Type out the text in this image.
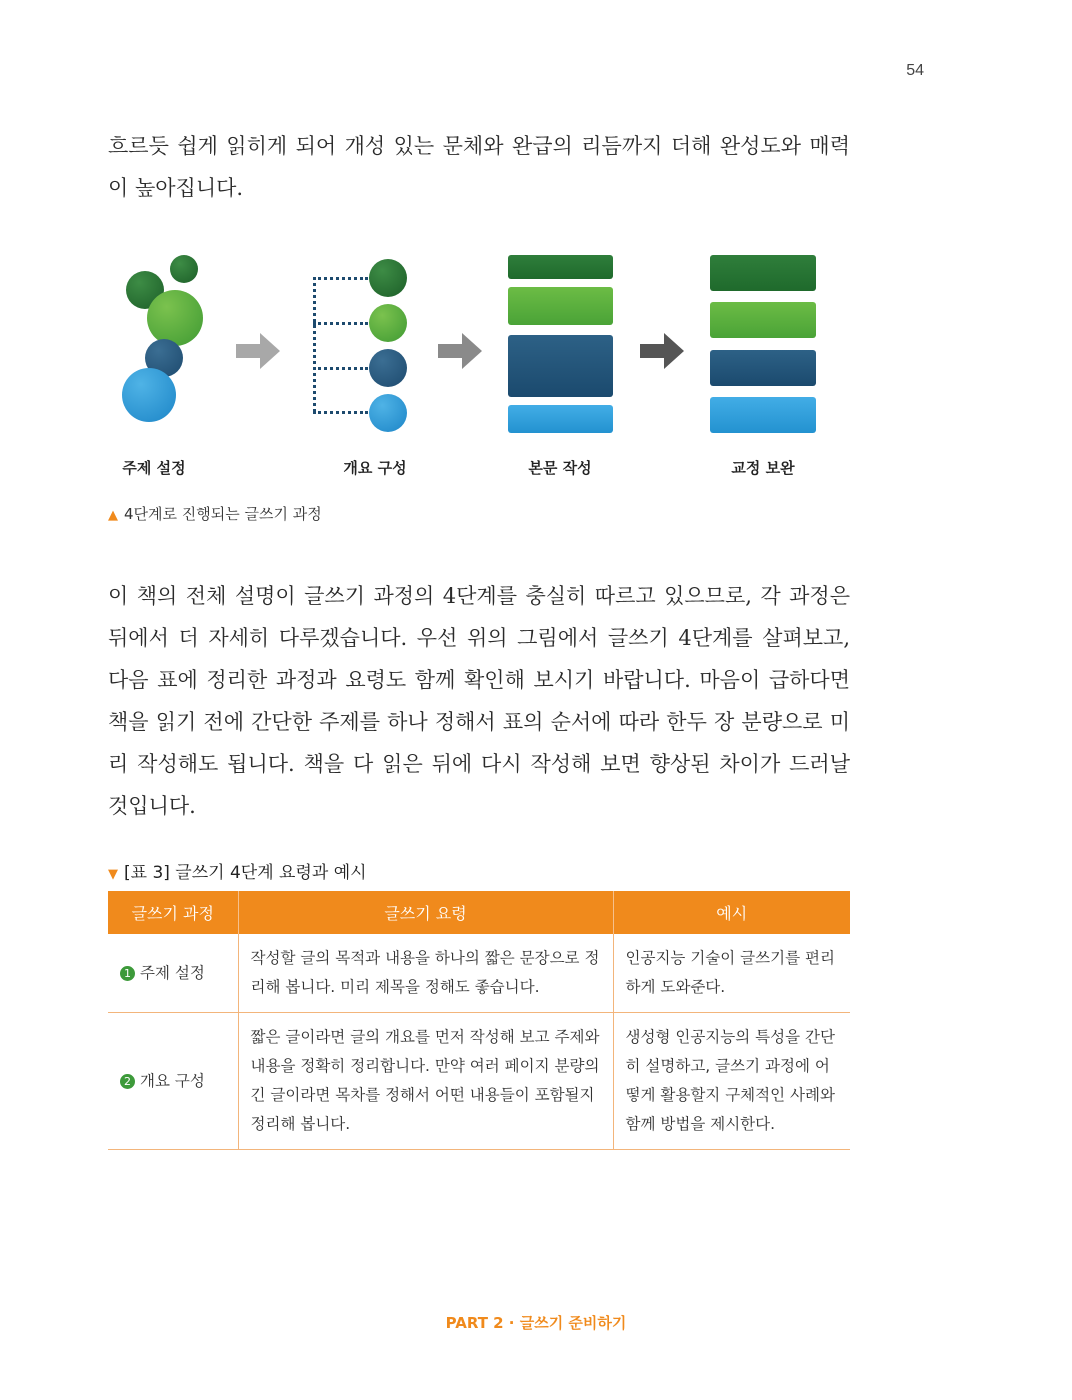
54

흐르듯 쉽게 읽히게 되어 개성 있는 문체와 완급의 리듬까지 더해 완성도와 매력이 높아집니다.

주제 설정	개요 구성	본문 작성	교정 보완
▲ 4단계로 진행되는 글쓰기 과정

이 책의 전체 설명이 글쓰기 과정의 4단계를 충실히 따르고 있으므로, 각 과정은 뒤에서 더 자세히 다루겠습니다. 우선 위의 그림에서 글쓰기 4단계를 살펴보고, 다음 표에 정리한 과정과 요령도 함께 확인해 보시기 바랍니다. 마음이 급하다면 책을 읽기 전에 간단한 주제를 하나 정해서 표의 순서에 따라 한두 장 분량으로 미리 작성해도 됩니다. 책을 다 읽은 뒤에 다시 작성해 보면 향상된 차이가 드러날 것입니다.

▼ [표 3] 글쓰기 4단계 요령과 예시
글쓰기 과정	글쓰기 요령	예시
1 주제 설정	작성할 글의 목적과 내용을 하나의 짧은 문장으로 정리해 봅니다. 미리 제목을 정해도 좋습니다.	인공지능 기술이 글쓰기를 편리하게 도와준다.
2 개요 구성	짧은 글이라면 글의 개요를 먼저 작성해 보고 주제와 내용을 정확히 정리합니다. 만약 여러 페이지 분량의 긴 글이라면 목차를 정해서 어떤 내용들이 포함될지 정리해 봅니다.	생성형 인공지능의 특성을 간단히 설명하고, 글쓰기 과정에 어떻게 활용할지 구체적인 사례와 함께 방법을 제시한다.
PART 2 · 글쓰기 준비하기
